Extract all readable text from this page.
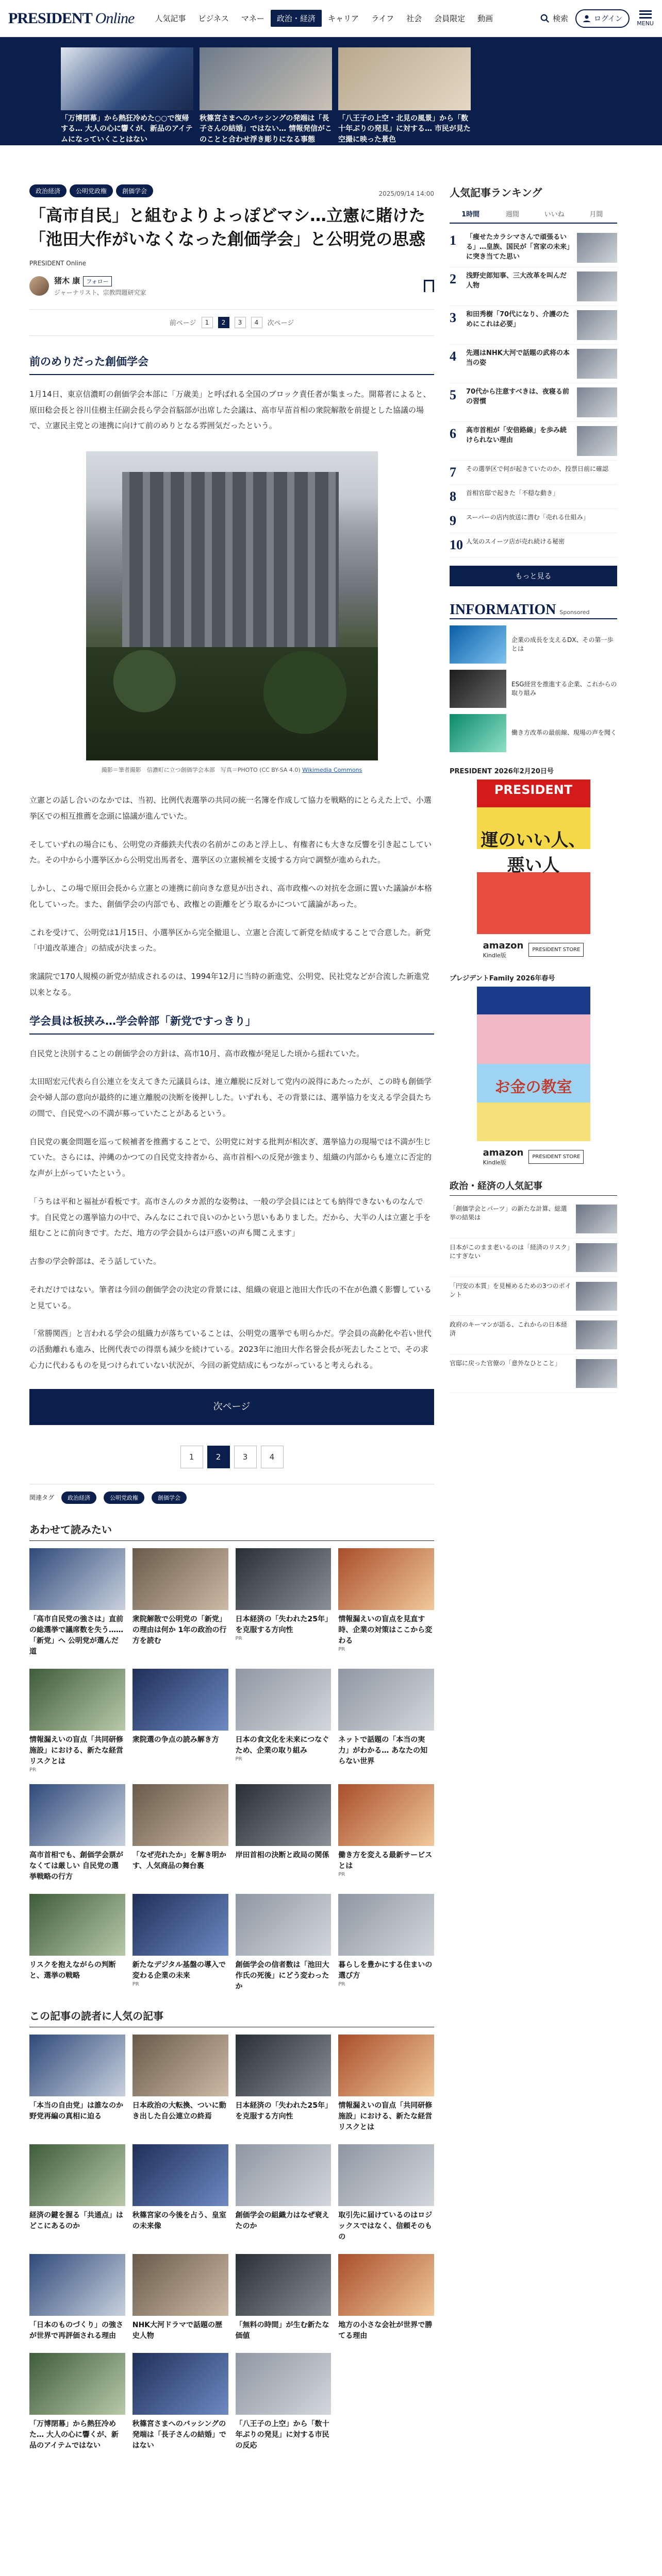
PRESIDENT Online	人気記事	ビジネス	マネー	政治・経済	キャリア	ライフ	社会	会員限定	動画	検索	ログイン
MENU
「万博閉幕」から熱狂冷めた○○で復帰する… 大人の心に響くが、新品のアイテムになっていくことはない
秋篠宮さまへのバッシングの発端は「長子さんの結婚」ではない… 情報発信がこのことと合わせ浮き彫りになる事態
「八王子の上空・北見の風景」から「数十年ぶりの発見」に対する… 市民が見た空撮に映った景色
政治経済	公明党政権	創価学会	2025/09/14 14:00
「高市自民」と組むよりよっぽどマシ…立憲に賭けた「池田大作がいなくなった創価学会」と公明党の思惑
PRESIDENT Online
猪木 康 フォロー
ジャーナリスト、宗教問題研究家
前ページ	1	2	3	4	次ページ
前のめりだった創価学会

1月14日、東京信濃町の創価学会本部に「万歳美」と呼ばれる全国のブロック責任者が集まった。開幕者によると、原田稔会長と谷川佳樹主任副会長ら学会首脳部が出席した会議は、高市早苗首相の衆院解散を前提とした協議の場で、立憲民主党との連携に向けて前のめりとなる雰囲気だったという。

撮影＝筆者撮影　信濃町に立つ創価学会本部　写真＝PHOTO (CC BY-SA 4.0) Wikimedia Commons

立憲との話し合いのなかでは、当初、比例代表選挙の共同の統一名簿を作成して協力を戦略的にとらえた上で、小選挙区での相互推薦を念頭に協議が進んでいた。

そしていずれの場合にも、公明党の斉藤鉄夫代表の名前がこのあと浮上し、有権者にも大きな反響を引き起こしていた。その中から小選挙区から公明党出馬者を、選挙区の立憲候補を支援する方向で調整が進められた。

しかし、この場で原田会長から立憲との連携に前向きな意見が出され、高市政権への対抗を念頭に置いた議論が本格化していった。また、創価学会の内部でも、政権との距離をどう取るかについて議論があった。

これを受けて、公明党は1月15日、小選挙区から完全撤退し、立憲と合流して新党を結成することで合意した。新党「中道改革連合」の結成が決まった。

衆議院で170人規模の新党が結成されるのは、1994年12月に当時の新進党、公明党、民社党などが合流した新進党以来となる。

学会員は板挟み…学会幹部「新党ですっきり」

自民党と決別することの創価学会の方針は、高市10月、高市政権が発足した頃から揺れていた。

太田昭宏元代表ら自公連立を支えてきた元議員らは、連立離脱に反対して党内の説得にあたったが、この時も創価学会や婦人部の意向が最終的に連立離脱の決断を後押しした。いずれも、その背景には、選挙協力を支える学会員たちの間で、自民党への不満が募っていたことがあるという。

自民党の裏金問題を巡って候補者を推薦することで、公明党に対する批判が相次ぎ、選挙協力の現場では不満が生じていた。さらには、沖縄のかつての自民党支持者から、高市首相への反発が強まり、組織の内部からも連立に否定的な声が上がっていたという。

「うちは平和と福祉が看板です。高市さんのタカ派的な姿勢は、一般の学会員にはとても納得できないものなんです。自民党との選挙協力の中で、みんなにこれで良いのかという思いもありました。だから、大半の人は立憲と手を組むことに前向きです。ただ、地方の学会員からは戸惑いの声も聞こえます」

古参の学会幹部は、そう話していた。

それだけではない。筆者は今回の創価学会の決定の背景には、組織の衰退と池田大作氏の不在が色濃く影響していると見ている。

「常勝関西」と言われる学会の組織力が落ちていることは、公明党の選挙でも明らかだ。学会員の高齢化や若い世代の活動離れも進み、比例代表での得票も減少を続けている。2023年に池田大作名誉会長が死去したことで、その求心力に代わるものを見つけられていない状況が、今回の新党結成にもつながっていると考えられる。

次ページ
1	2	3	4
関連タグ	政治経済	公明党政権	創価学会
あわせて読みたい
「高市自民党の強さは」直前の総選挙で議席数を失う……「新党」へ 公明党が選んだ道
衆院解散で公明党の「新党」の理由は何か 1年の政治の行方を読む
日本経済の「失われた25年」を克服する方向性
PR
情報漏えいの盲点を見直す時、企業の対策はここから変わる
PR
情報漏えいの盲点「共同研修施設」における、新たな経営リスクとは
PR
衆院選の争点の読み解き方	日本の食文化を未来につなぐため、企業の取り組み
PR
ネットで話題の「本当の実力」がわかる… あなたの知らない世界
高市首相でも、創価学会票がなくては厳しい 自民党の選挙戦略の行方
「なぜ売れたか」を解き明かす、人気商品の舞台裏
岸田首相の決断と政局の関係 働き方を変える最新サービスとは
PR
リスクを抱えながらの判断と、選挙の戦略
新たなデジタル基盤の導入で変わる企業の未来
PR
創価学会の信者数は「池田大作氏の死後」にどう変わったか
暮らしを豊かにする住まいの選び方
PR
この記事の読者に人気の記事
「本当の自由党」は誰なのか 野党再編の真相に迫る
日本政治の大転換、ついに動き出した自公連立の終焉
日本経済の「失われた25年」を克服する方向性
情報漏えいの盲点「共同研修施設」における、新たな経営リスクとは
経済の鍵を握る「共通点」はどこにあるのか
秋篠宮家の今後を占う、皇室の未来像
創価学会の組織力はなぜ衰えたのか
取引先に届けているのはロジックスではなく、信頼そのもの
「日本のものづくり」の強さが世界で再評価される理由
NHK大河ドラマで話題の歴史人物
「無料の時間」が生む新たな価値
地方の小さな会社が世界で勝てる理由
「万博閉幕」から熱狂冷めた… 大人の心に響くが、新品のアイテムではない
秋篠宮さまへのバッシングの発端は「長子さんの結婚」ではない
「八王子の上空」から「数十年ぶりの発見」に対する市民の反応
人気記事ランキング
1時間	週間	いいね	月間
1	「痩せたカラシマさんで頑張るいる」…皇族、国民が「宮家の未来」に突き当てた思い
2	浅野史郎知事、三大改革を叫んだ人物
3	和田秀樹「70代になり、介護のためにこれは必要」
4	先週はNHK大河で話題の武将の本当の姿
5	70代から注意すべきは、夜寝る前の習慣
6	高市首相が「安倍路線」を歩み続けられない理由
7	その選挙区で何が起きていたのか、投票日前に確認
8	首相官邸で起きた「不穏な動き」
9	スーパーの店内放送に潜む「売れる仕組み」
10 人気のスイーツ店が売れ続ける秘密
もっと見る
INFORMATION Sponsored
企業の成長を支えるDX、その第一歩とは
ESG経営を推進する企業、これからの取り組み
働き方改革の最前線、現場の声を聞く
PRESIDENT 2026年2月20日号
PRESIDENT
運のいい人、悪い人
amazon
Kindle版
PRESIDENT STORE
プレジデントFamily 2026年春号
お金の教室
amazon
Kindle版
PRESIDENT STORE
政治・経済の人気記事
「創価学会とパーツ」の新たな計算、総選挙の結果は
日本がこのまま老いるのは「経済のリスク」にすぎない
「円安の本質」を見極めるための3つのポイント
政府のキーマンが語る、これからの日本経済
官邸に戻った官僚の「意外なひとこと」
